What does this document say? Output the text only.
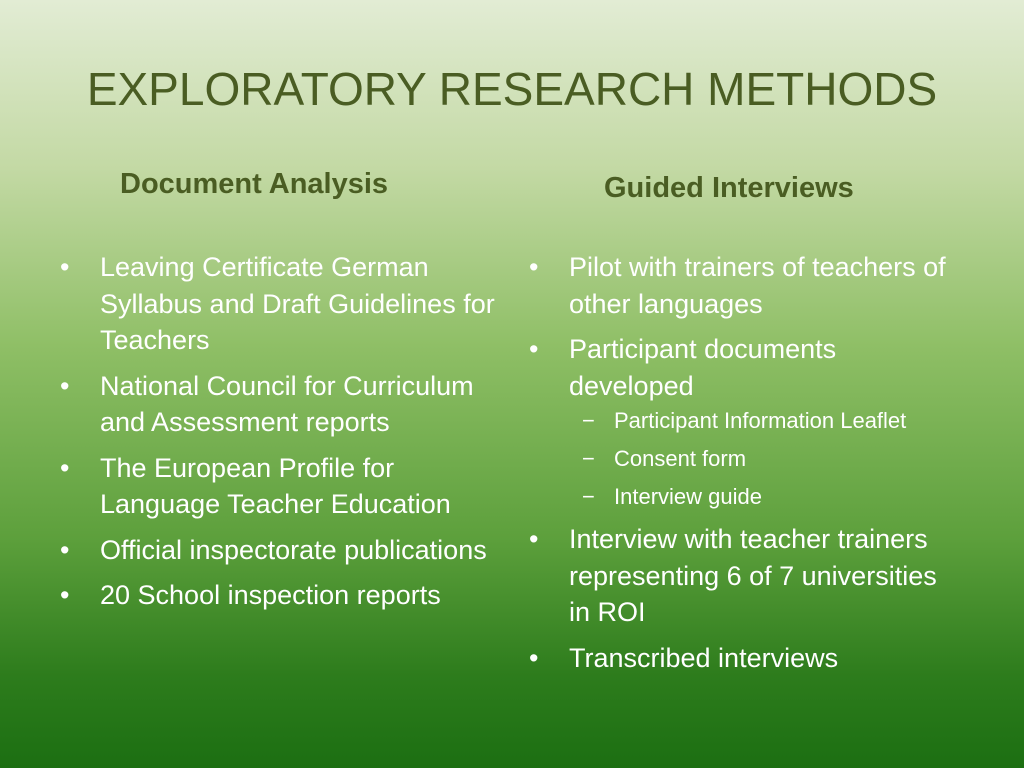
EXPLORATORY RESEARCH METHODS
Document Analysis	Guided Interviews
• Leaving Certificate German Syllabus and Draft Guidelines for Teachers
• National Council for Curriculum and Assessment reports
• The European Profile for Language Teacher Education
• Official inspectorate publications
• 20 School inspection reports
• Pilot with trainers of teachers of other languages
• Participant documents developed
− Participant Information Leaflet
− Consent form
− Interview guide
• Interview with teacher trainers representing 6 of 7 universities in ROI
• Transcribed interviews
